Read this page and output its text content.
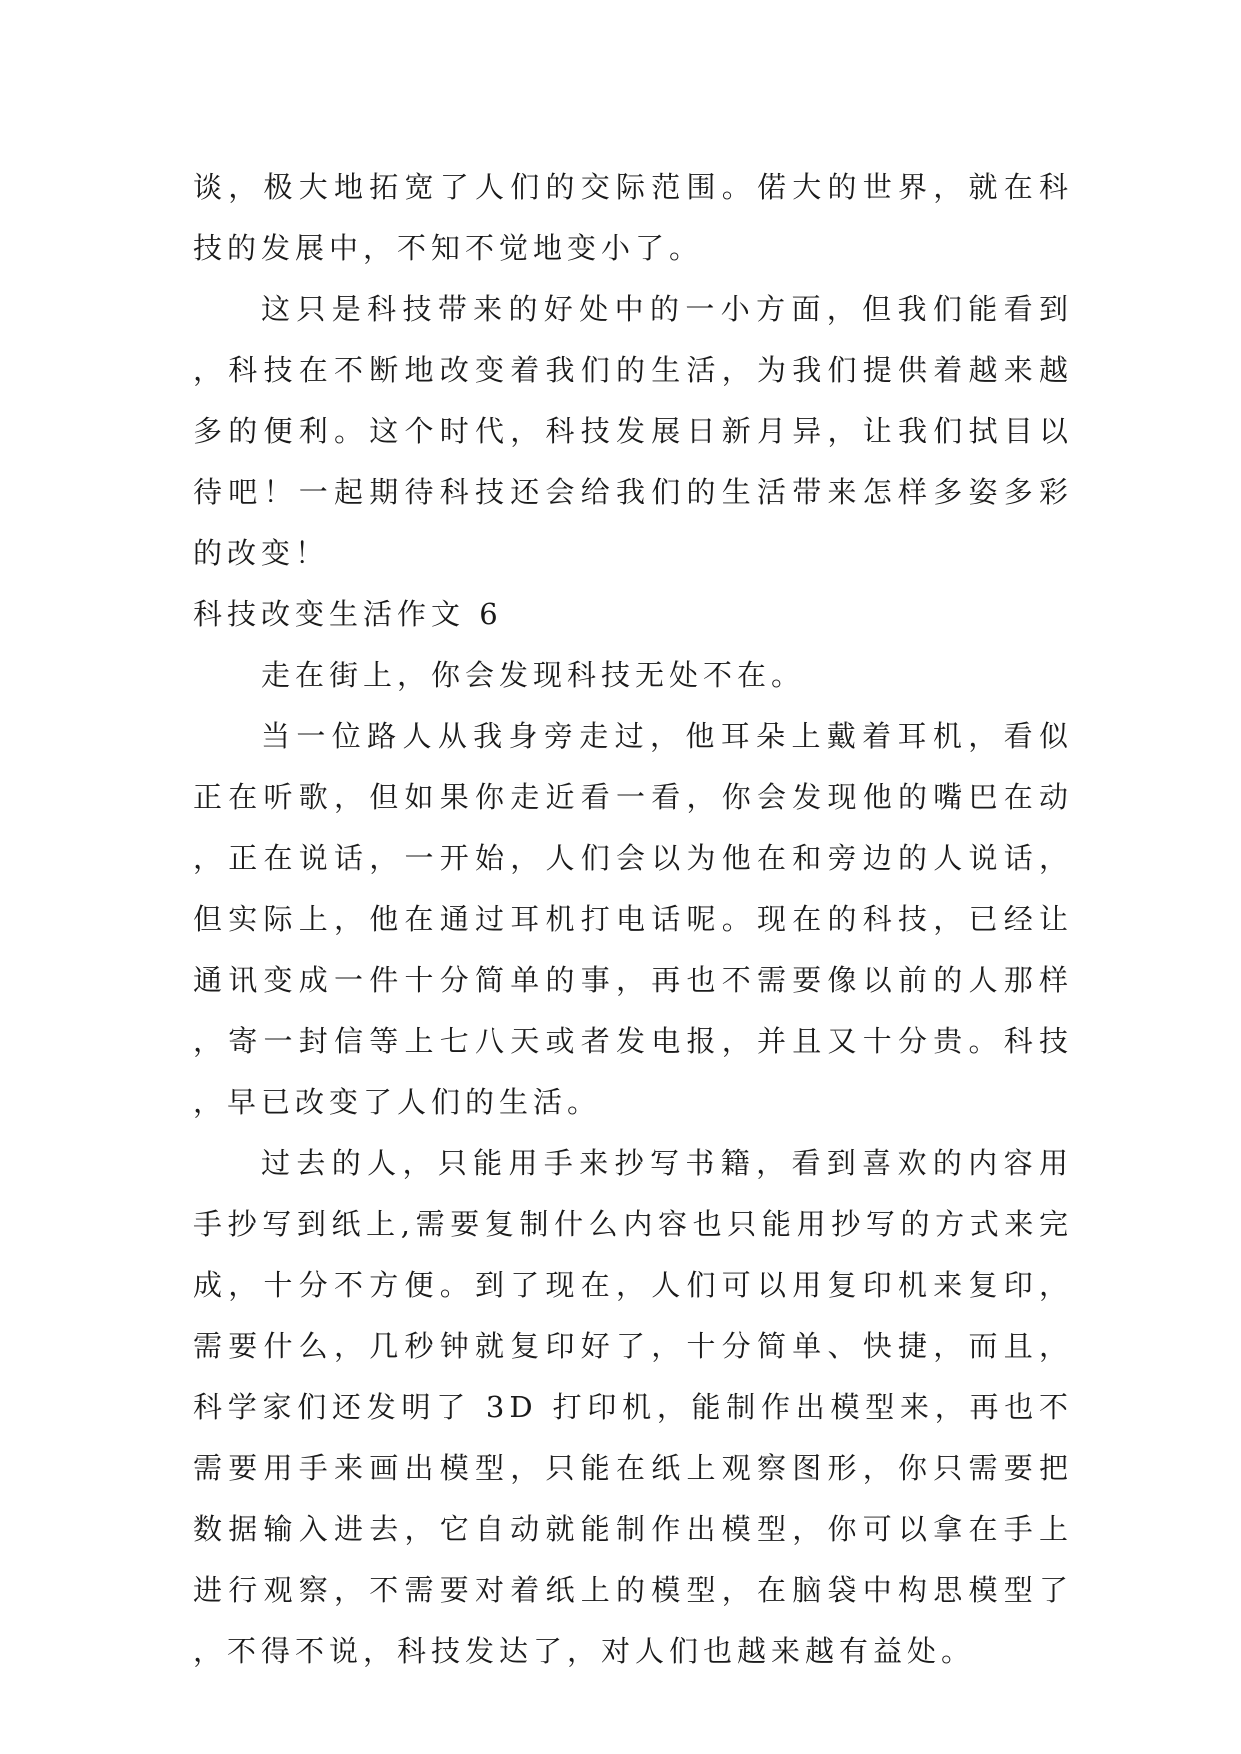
谈，极大地拓宽了人们的交际范围。偌大的世界，就在科技的发展中，不知不觉地变小了。

这只是科技带来的好处中的一小方面，但我们能看到，科技在不断地改变着我们的生活，为我们提供着越来越多的便利。这个时代，科技发展日新月异，让我们拭目以待吧！一起期待科技还会给我们的生活带来怎样多姿多彩的改变！

科技改变生活作文 6

走在街上，你会发现科技无处不在。

当一位路人从我身旁走过，他耳朵上戴着耳机，看似正在听歌，但如果你走近看一看，你会发现他的嘴巴在动，正在说话，一开始，人们会以为他在和旁边的人说话，但实际上，他在通过耳机打电话呢。现在的科技，已经让通讯变成一件十分简单的事，再也不需要像以前的人那样，寄一封信等上七八天或者发电报，并且又十分贵。科技，早已改变了人们的生活。

过去的人，只能用手来抄写书籍，看到喜欢的内容用手抄写到纸上,需要复制什么内容也只能用抄写的方式来完成，十分不方便。到了现在，人们可以用复印机来复印，需要什么，几秒钟就复印好了，十分简单、快捷，而且，科学家们还发明了 3D 打印机，能制作出模型来，再也不需要用手来画出模型，只能在纸上观察图形，你只需要把数据输入进去，它自动就能制作出模型，你可以拿在手上进行观察，不需要对着纸上的模型，在脑袋中构思模型了，不得不说，科技发达了，对人们也越来越有益处。
